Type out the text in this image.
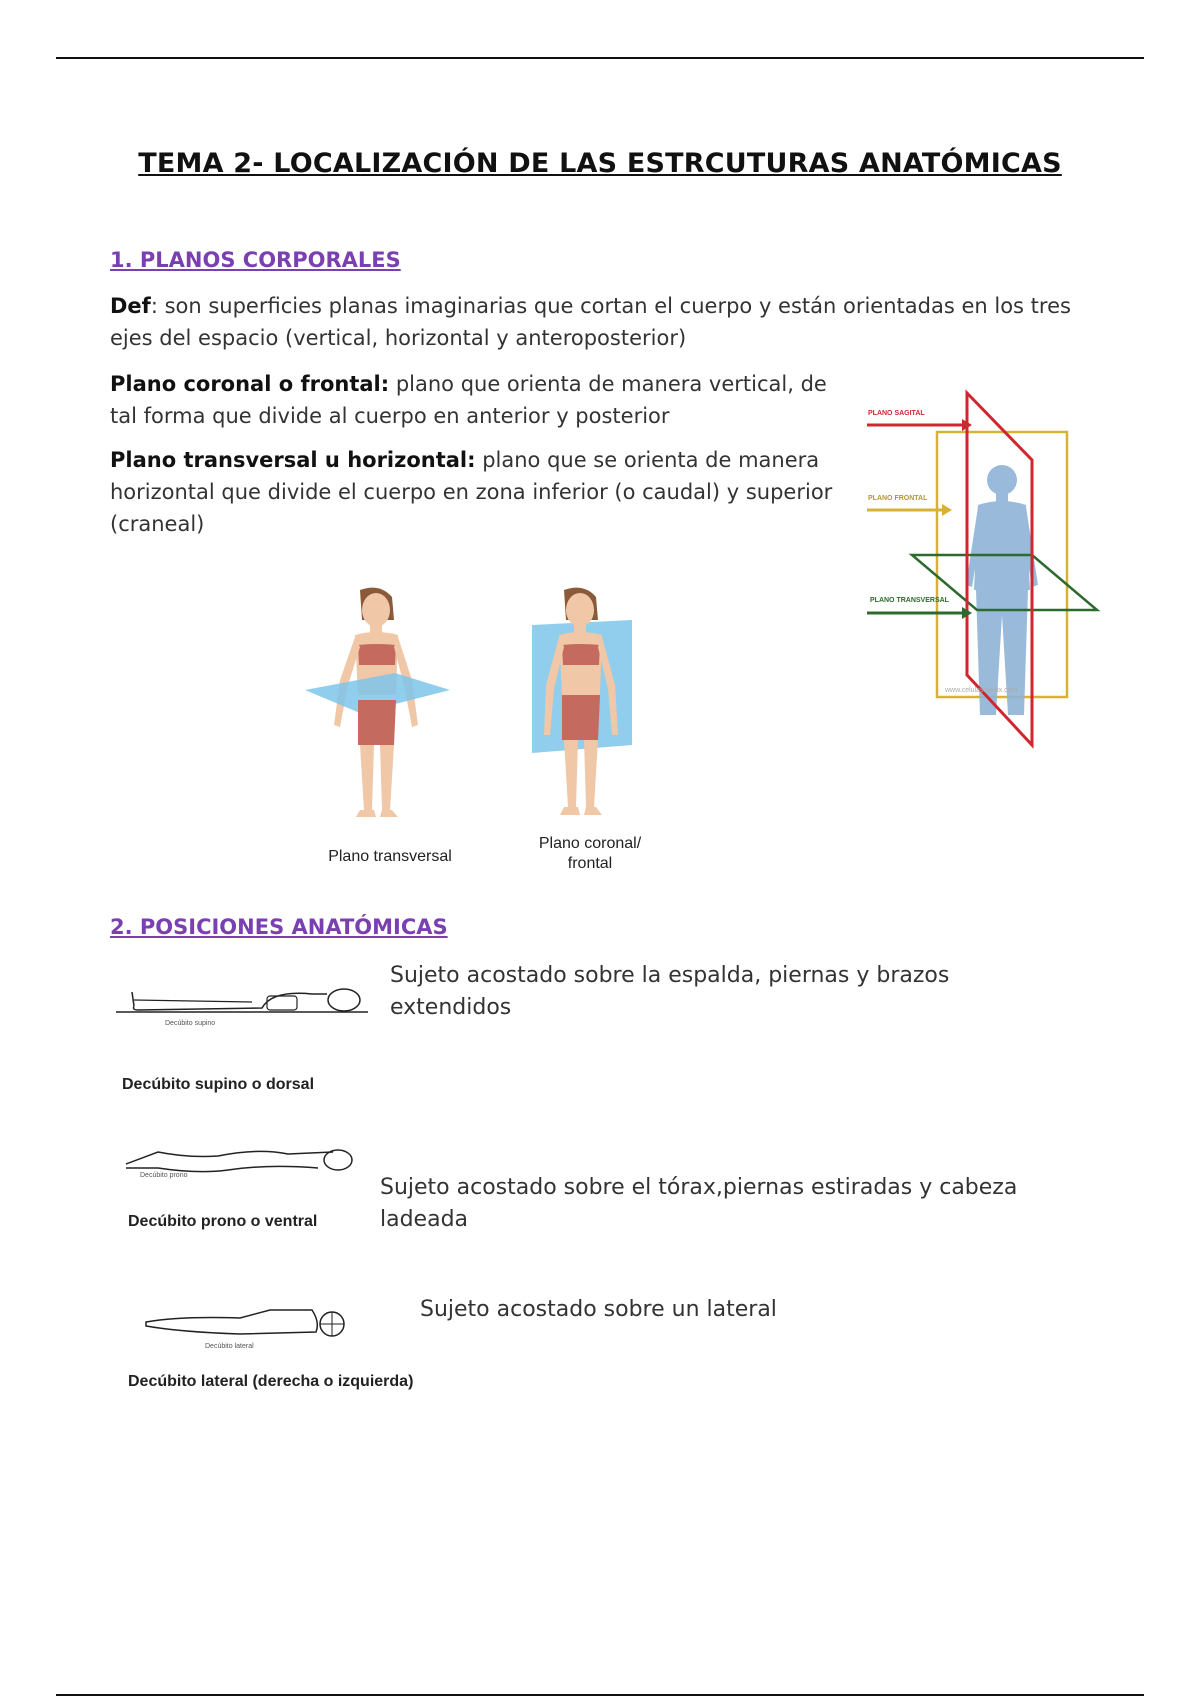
TEMA 2- LOCALIZACIÓN DE LAS ESTRCUTURAS ANATÓMICAS
1. PLANOS CORPORALES
Def: son superficies planas imaginarias que cortan el cuerpo y están orientadas en los tres ejes del espacio (vertical, horizontal y anteroposterior)
Plano coronal o frontal: plano que orienta de manera vertical, de tal forma que divide al cuerpo en anterior y posterior
Plano transversal u horizontal: plano que se orienta de manera horizontal que divide el cuerpo en zona inferior (o caudal) y superior (craneal)
PLANO SAGITAL
PLANO FRONTAL
PLANO TRANSVERSAL
www.celulasmedix.com
Plano transversal
Plano coronal/
frontal
2. POSICIONES ANATÓMICAS
Decúbito supino
Decúbito supino o dorsal
Sujeto acostado sobre la espalda, piernas y brazos extendidos
Decúbito prono
Decúbito prono o ventral
Sujeto acostado sobre el tórax,piernas estiradas y cabeza ladeada
Decúbito lateral
Decúbito lateral (derecha o izquierda)
Sujeto acostado sobre un lateral
